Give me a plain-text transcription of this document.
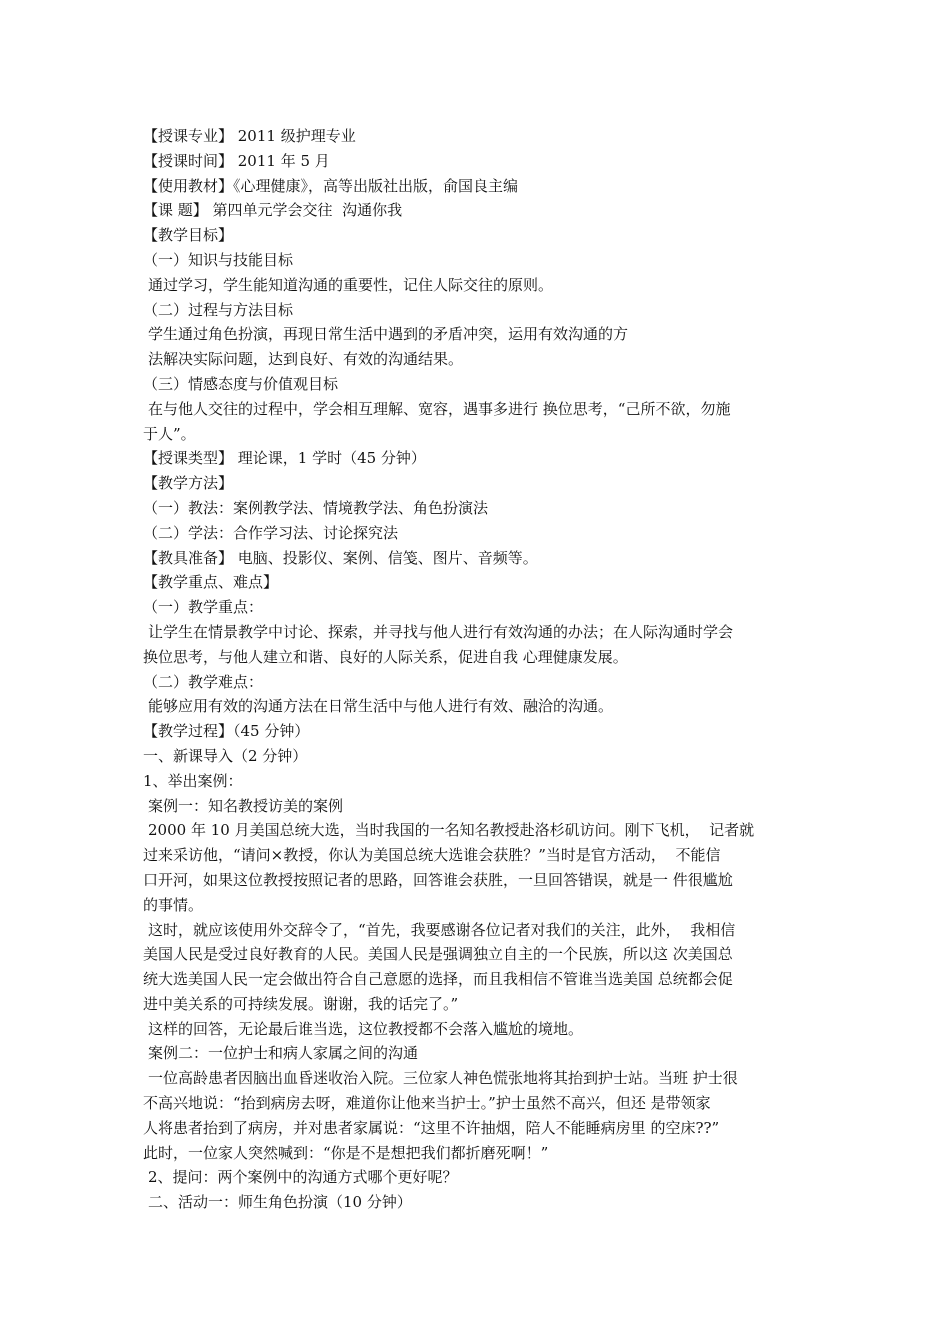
【授课专业】 2011 级护理专业

【授课时间】 2011 年 5 月

【使用教材】《心理健康》，高等出版社出版，俞国良主编

【课 题】 第四单元学会交往  沟通你我

【教学目标】

（一）知识与技能目标

通过学习，学生能知道沟通的重要性，记住人际交往的原则。

（二）过程与方法目标

学生通过角色扮演，再现日常生活中遇到的矛盾冲突，运用有效沟通的方

法解决实际问题，达到良好、有效的沟通结果。

（三）情感态度与价值观目标

在与他人交往的过程中，学会相互理解、宽容，遇事多进行 换位思考，“己所不欲，勿施

于人”。

【授课类型】 理论课，1 学时（45 分钟）

【教学方法】

（一）教法：案例教学法、情境教学法、角色扮演法

（二）学法：合作学习法、讨论探究法

【教具准备】 电脑、投影仪、案例、信笺、图片、音频等。

【教学重点、难点】

（一）教学重点：

让学生在情景教学中讨论、探索，并寻找与他人进行有效沟通的办法；在人际沟通时学会

换位思考，与他人建立和谐、良好的人际关系，促进自我 心理健康发展。

（二）教学难点：

能够应用有效的沟通方法在日常生活中与他人进行有效、融洽的沟通。

【教学过程】（45 分钟）

一、新课导入（2 分钟）

1、举出案例：

案例一：知名教授访美的案例

2000 年 10 月美国总统大选，当时我国的一名知名教授赴洛杉矶访问。刚下飞机，  记者就

过来采访他，“请问×教授，你认为美国总统大选谁会获胜？”当时是官方活动，  不能信

口开河，如果这位教授按照记者的思路，回答谁会获胜，一旦回答错误，就是一 件很尴尬

的事情。

这时，就应该使用外交辞令了，“首先，我要感谢各位记者对我们的关注，此外，  我相信

美国人民是受过良好教育的人民。美国人民是强调独立自主的一个民族，所以这 次美国总

统大选美国人民一定会做出符合自己意愿的选择，而且我相信不管谁当选美国 总统都会促

进中美关系的可持续发展。谢谢，我的话完了。”

这样的回答，无论最后谁当选，这位教授都不会落入尴尬的境地。

案例二：一位护士和病人家属之间的沟通

一位高龄患者因脑出血昏迷收治入院。三位家人神色慌张地将其抬到护士站。当班 护士很

不高兴地说：“抬到病房去呀，难道你让他来当护士。”护士虽然不高兴，但还 是带领家

人将患者抬到了病房，并对患者家属说：“这里不许抽烟，陪人不能睡病房里 的空床??”

此时，一位家人突然喊到：“你是不是想把我们都折磨死啊！”

2、提问：两个案例中的沟通方式哪个更好呢？

二、活动一：师生角色扮演（10 分钟）
